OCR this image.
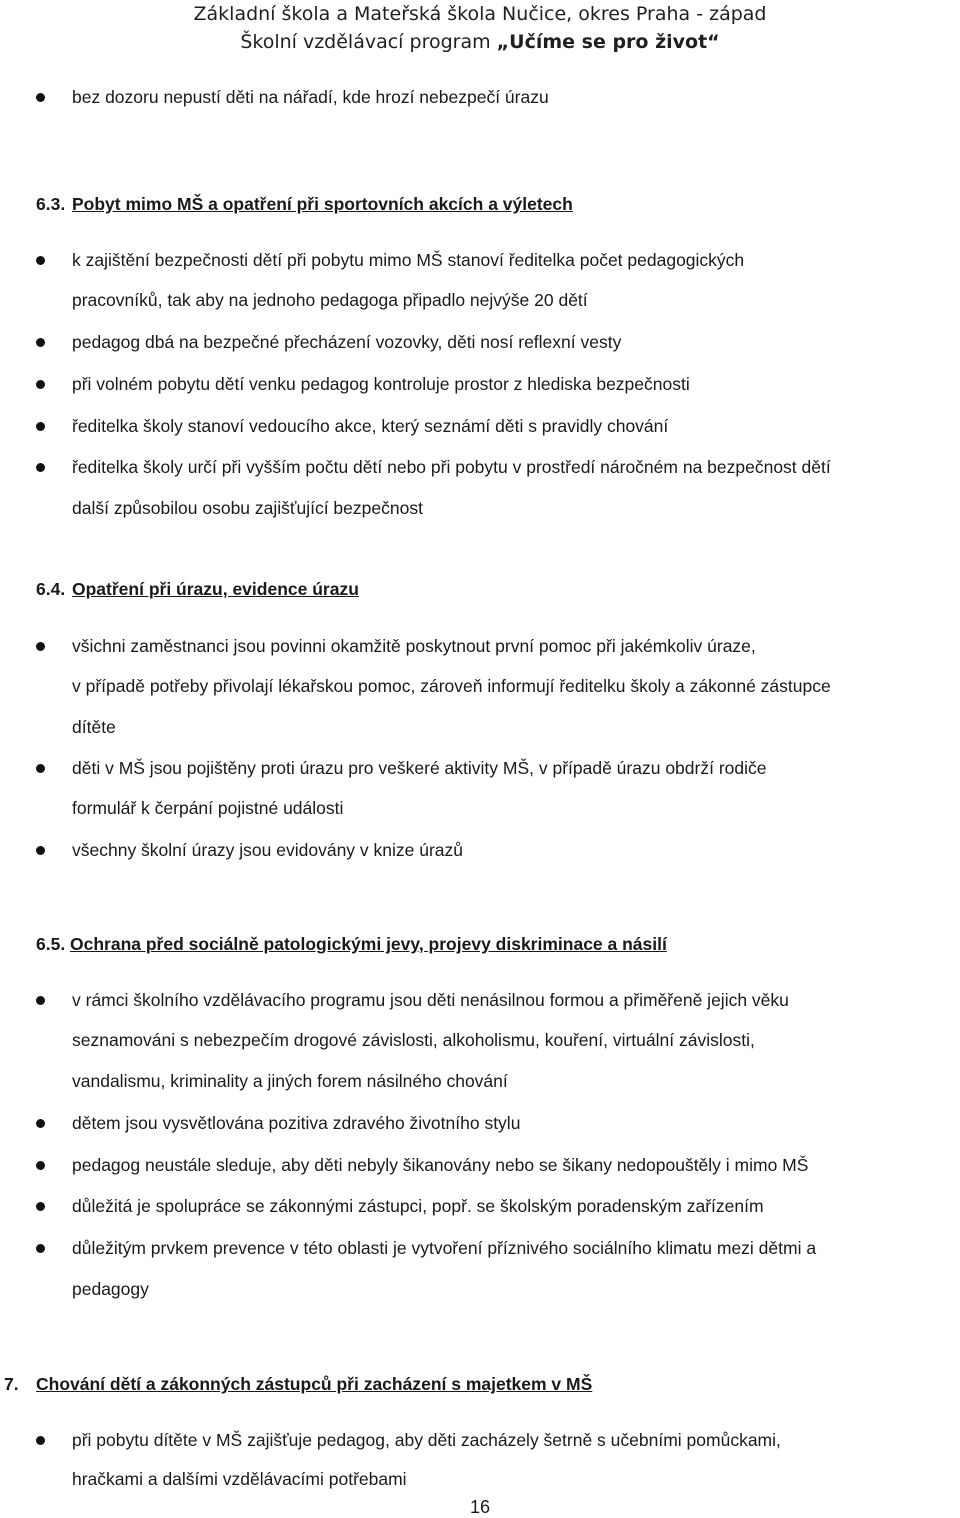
Základní škola a Mateřská škola Nučice, okres Praha - západ
Školní vzdělávací program „Učíme se pro život“
bez dozoru nepustí děti na nářadí, kde hrozí nebezpečí úrazu
6.3. Pobyt mimo MŠ a opatření při sportovních akcích a výletech
k zajištění bezpečnosti dětí při pobytu mimo MŠ stanoví ředitelka počet pedagogických
pracovníků, tak aby na jednoho pedagoga připadlo nejvýše 20 dětí
pedagog dbá na bezpečné přecházení vozovky, děti nosí reflexní vesty
při volném pobytu dětí venku pedagog kontroluje prostor z hlediska bezpečnosti
ředitelka školy stanoví vedoucího akce, který seznámí děti s pravidly chování
ředitelka školy určí při vyšším počtu dětí nebo při pobytu v prostředí náročném na bezpečnost dětí
další způsobilou osobu zajišťující bezpečnost
6.4. Opatření při úrazu, evidence úrazu
všichni zaměstnanci jsou povinni okamžitě poskytnout první pomoc při jakémkoliv úraze,
v případě potřeby přivolají lékařskou pomoc, zároveň informují ředitelku školy a zákonné zástupce
dítěte
děti v MŠ jsou pojištěny proti úrazu pro veškeré aktivity MŠ, v případě úrazu obdrží rodiče
formulář k čerpání pojistné události
všechny školní úrazy jsou evidovány v knize úrazů
6.5. Ochrana před sociálně patologickými jevy, projevy diskriminace a násilí
v rámci školního vzdělávacího programu jsou děti nenásilnou formou a přiměřeně jejich věku
seznamováni s nebezpečím drogové závislosti, alkoholismu, kouření, virtuální závislosti,
vandalismu, kriminality a jiných forem násilného chování
dětem jsou vysvětlována pozitiva zdravého životního stylu
pedagog neustále sleduje, aby děti nebyly šikanovány nebo se šikany nedopouštěly i mimo MŠ
důležitá je spolupráce se zákonnými zástupci, popř. se školským poradenským zařízením
důležitým prvkem prevence v této oblasti je vytvoření příznivého sociálního klimatu mezi dětmi a
pedagogy
7. Chování dětí a zákonných zástupců při zacházení s majetkem v MŠ
při pobytu dítěte v MŠ zajišťuje pedagog, aby děti zacházely šetrně s učebními pomůckami,
hračkami a dalšími vzdělávacími potřebami
16
